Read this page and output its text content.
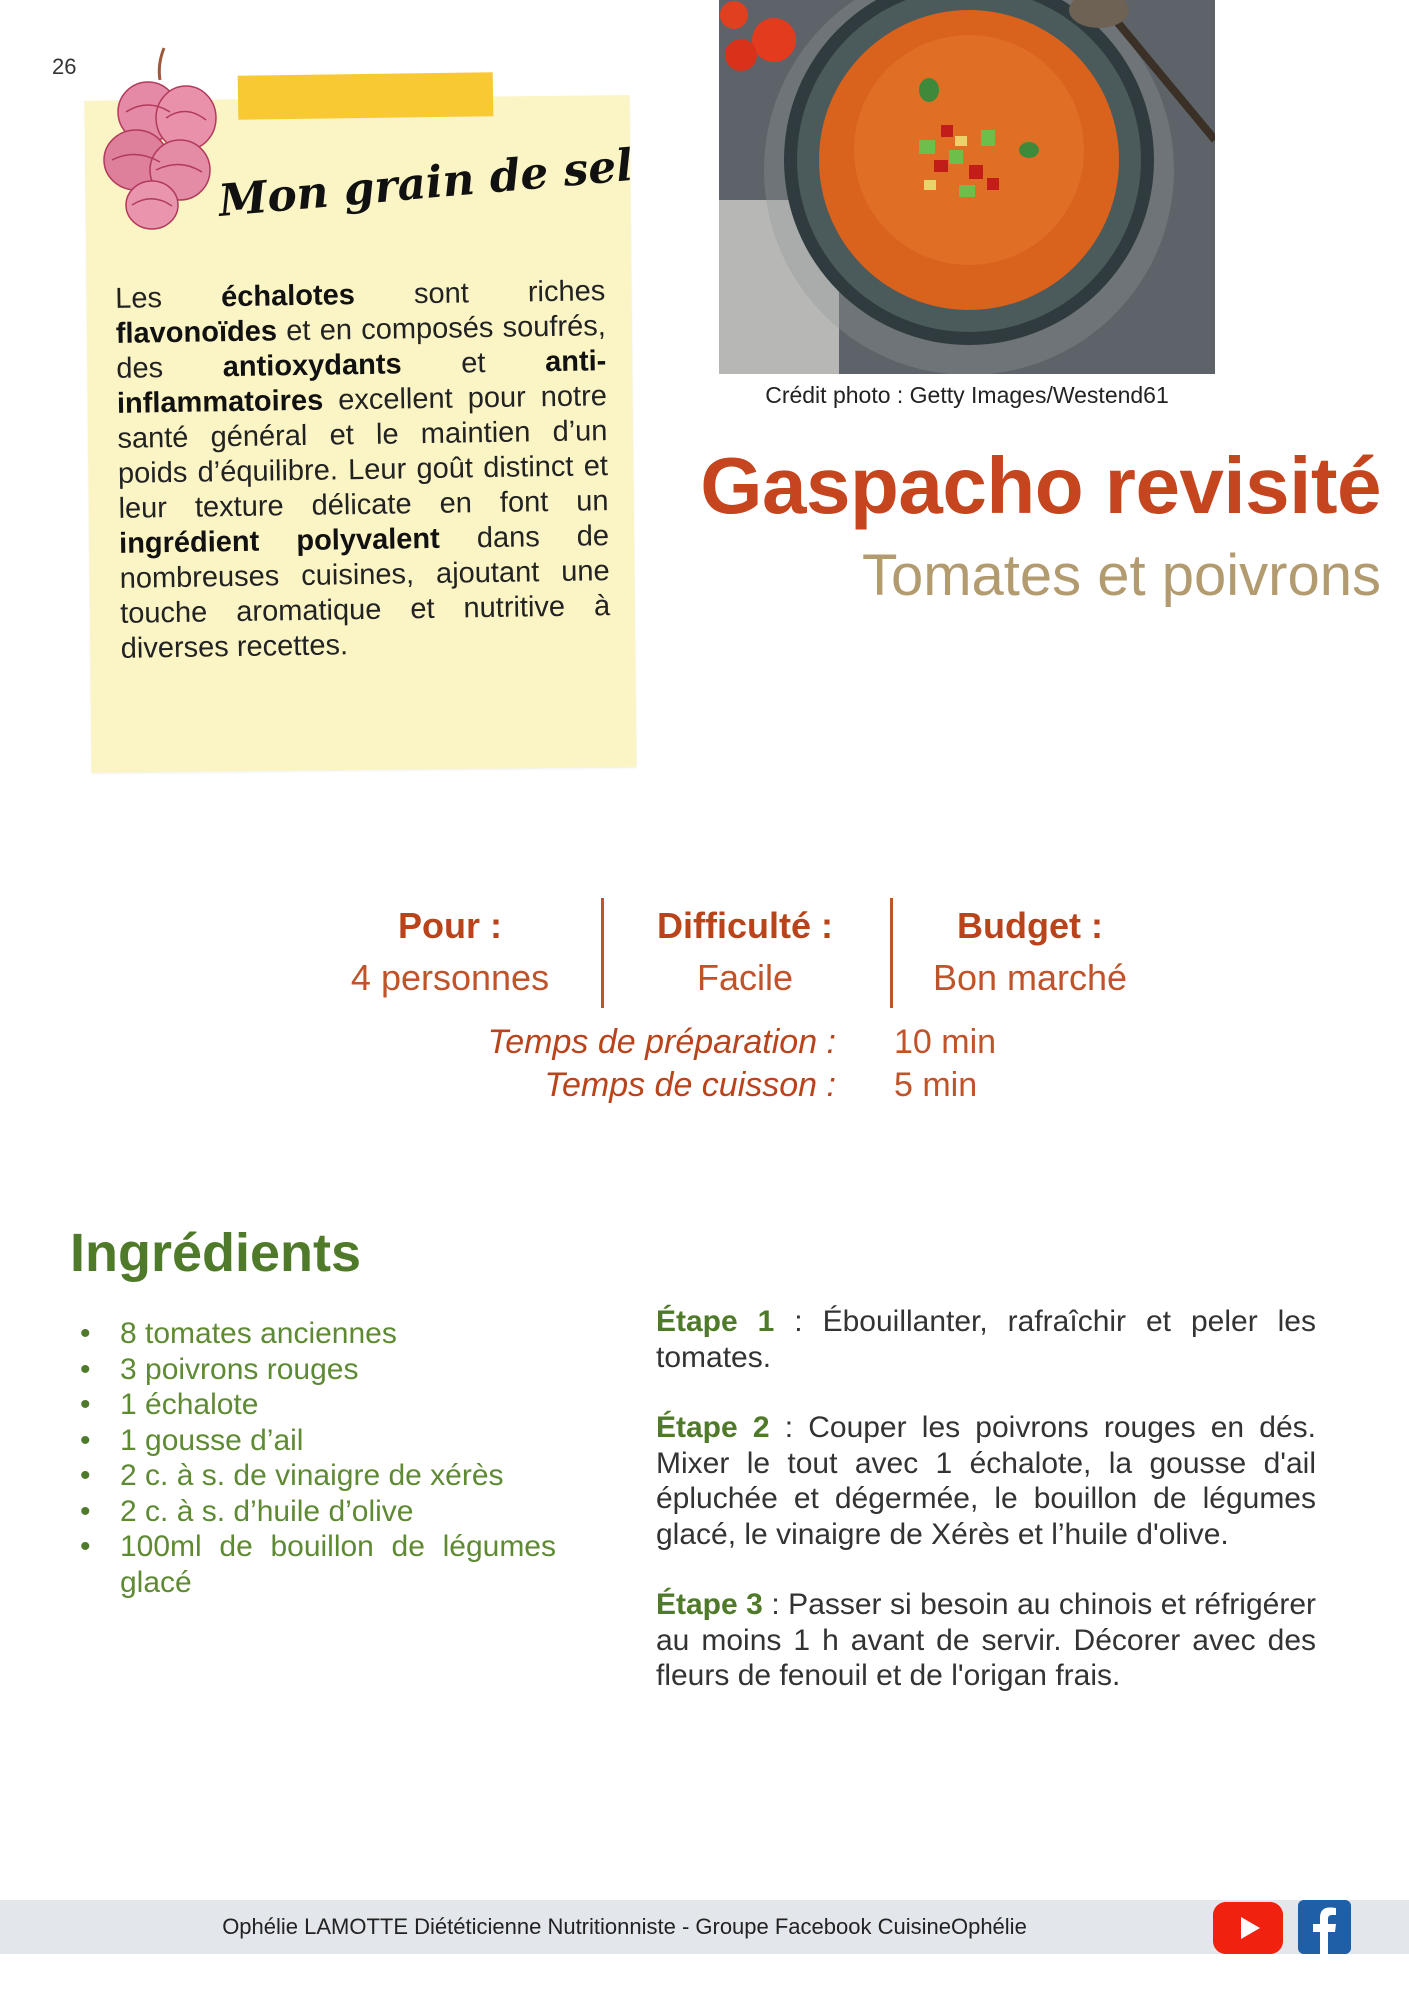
26
Mon grain de sel
Les échalotes sont riches flavonoïdes et en composés soufrés, des antioxydants et anti-inflammatoires excellent pour notre santé général et le maintien d’un poids d’équilibre. Leur goût distinct et leur texture délicate en font un ingrédient polyvalent dans de nombreuses cuisines, ajoutant une touche aromatique et nutritive à diverses recettes.
Crédit photo : Getty Images/Westend61
Gaspacho revisité
Tomates et poivrons
Pour :
4 personnes
Difficulté :
Facile
Budget :
Bon marché
Temps de préparation : 10 min
Temps de cuisson : 5 min
Ingrédients
• 8 tomates anciennes
• 3 poivrons rouges
• 1 échalote
• 1 gousse d’ail
• 2 c. à s. de vinaigre de xérès
• 2 c. à s. d’huile d’olive
• 100ml de bouillon de légumes glacé
Étape 1 : Ébouillanter, rafraîchir et peler les tomates.
Étape 2 : Couper les poivrons rouges en dés. Mixer le tout avec 1 échalote, la gousse d'ail épluchée et dégermée, le bouillon de légumes glacé, le vinaigre de Xérès et l’huile d'olive.
Étape 3 : Passer si besoin au chinois et réfrigérer au moins 1 h avant de servir. Décorer avec des fleurs de fenouil et de l'origan frais.
Ophélie LAMOTTE Diététicienne Nutritionniste - Groupe Facebook CuisineOphélie
